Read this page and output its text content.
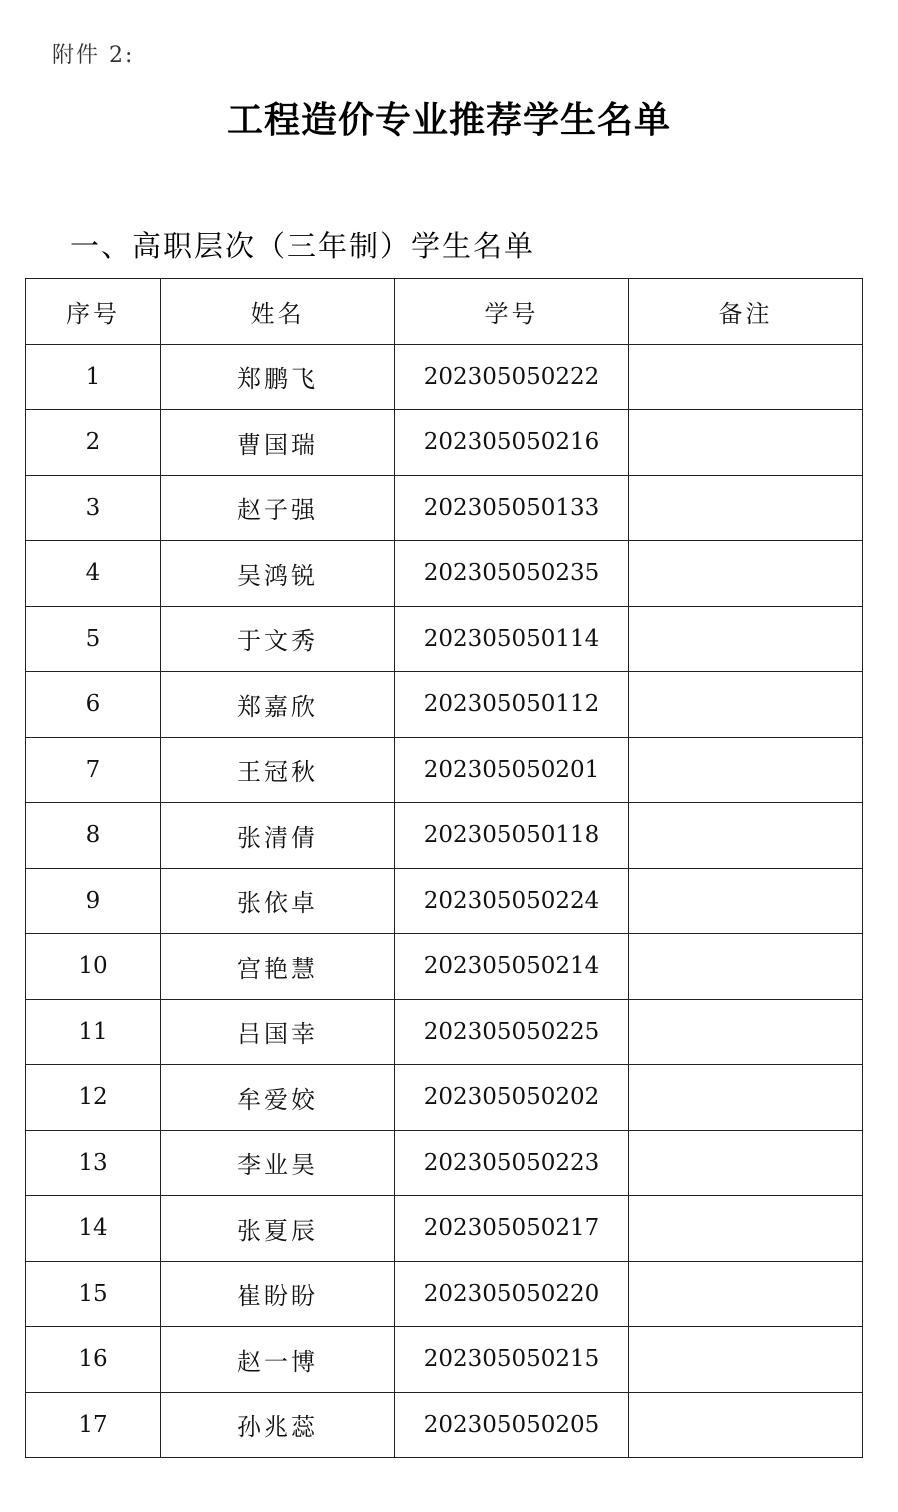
附件 2:
工程造价专业推荐学生名单
一、高职层次（三年制）学生名单
序号	姓名	学号	备注
1	郑鹏飞	202305050222	
2	曹国瑞	202305050216	
3	赵子强	202305050133	
4	吴鸿锐	202305050235	
5	于文秀	202305050114	
6	郑嘉欣	202305050112	
7	王冠秋	202305050201	
8	张清倩	202305050118	
9	张依卓	202305050224	
10	宫艳慧	202305050214	
11	吕国幸	202305050225	
12	牟爱姣	202305050202	
13	李业昊	202305050223	
14	张夏辰	202305050217	
15	崔盼盼	202305050220	
16	赵一博	202305050215	
17	孙兆蕊	202305050205	
